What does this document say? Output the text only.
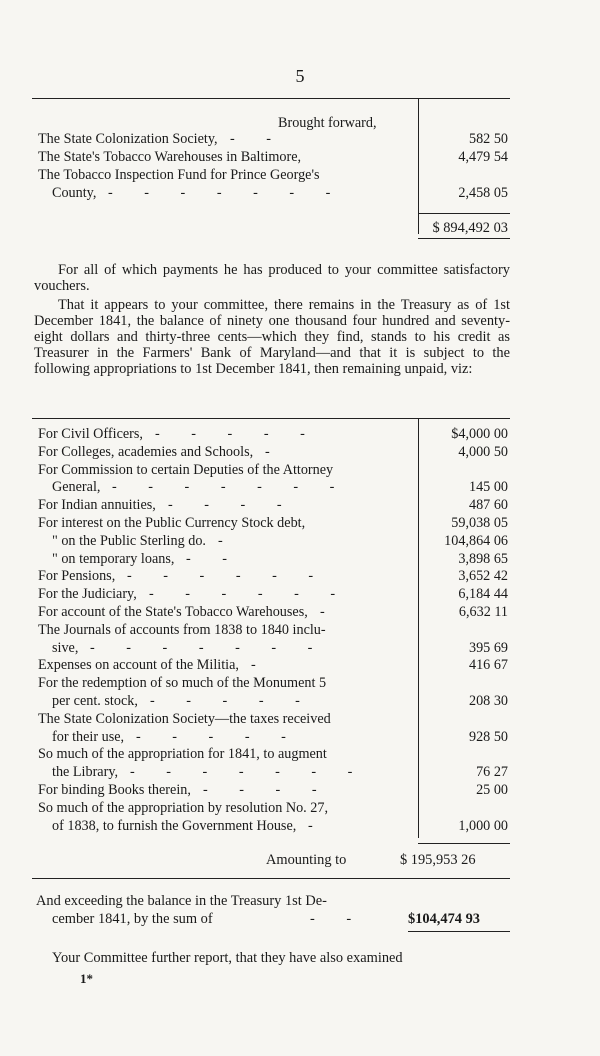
5
Brought forward,
The State Colonization Society, - -	582 50
The State's Tobacco Warehouses in Baltimore,	4,479 54
The Tobacco Inspection Fund for Prince George's
County, - - - - - - -	2,458 05
$ 894,492 03

For all of which payments he has produced to your committee satisfactory vouchers.

That it appears to your committee, there remains in the Treasury as of 1st December 1841, the balance of ninety one thousand four hundred and seventy-eight dollars and thirty-three cents—which they find, stands to his credit as Treasurer in the Farmers' Bank of Maryland—and that it is subject to the following appropriations to 1st December 1841, then remaining unpaid, viz:

For Civil Officers, - - - - -	$4,000 00
For Colleges, academies and Schools, -	4,000 50
For Commission to certain Deputies of the Attorney
General, - - - - - - -	145 00
For Indian annuities, - - - -	487 60
For interest on the Public Currency Stock debt,	59,038 05
" on the Public Sterling do. -	104,864 06
" on temporary loans, - -	3,898 65
For Pensions, - - - - - -	3,652 42
For the Judiciary, - - - - - -	6,184 44
For account of the State's Tobacco Warehouses, -	6,632 11
The Journals of accounts from 1838 to 1840 inclu-
sive, - - - - - - -	395 69
Expenses on account of the Militia, -	416 67
For the redemption of so much of the Monument 5
per cent. stock, - - - - -	208 30
The State Colonization Society—the taxes received
for their use, - - - - -	928 50
So much of the appropriation for 1841, to augment
the Library, - - - - - - -	76 27
For binding Books therein, - - - -	25 00
So much of the appropriation by resolution No. 27,
of 1838, to furnish the Government House, -	1,000 00
Amounting to	$ 195,953 26
And exceeding the balance in the Treasury 1st De-
cember 1841, by the sum of	- -	$104,474 93
Your Committee further report, that they have also examined
1*
